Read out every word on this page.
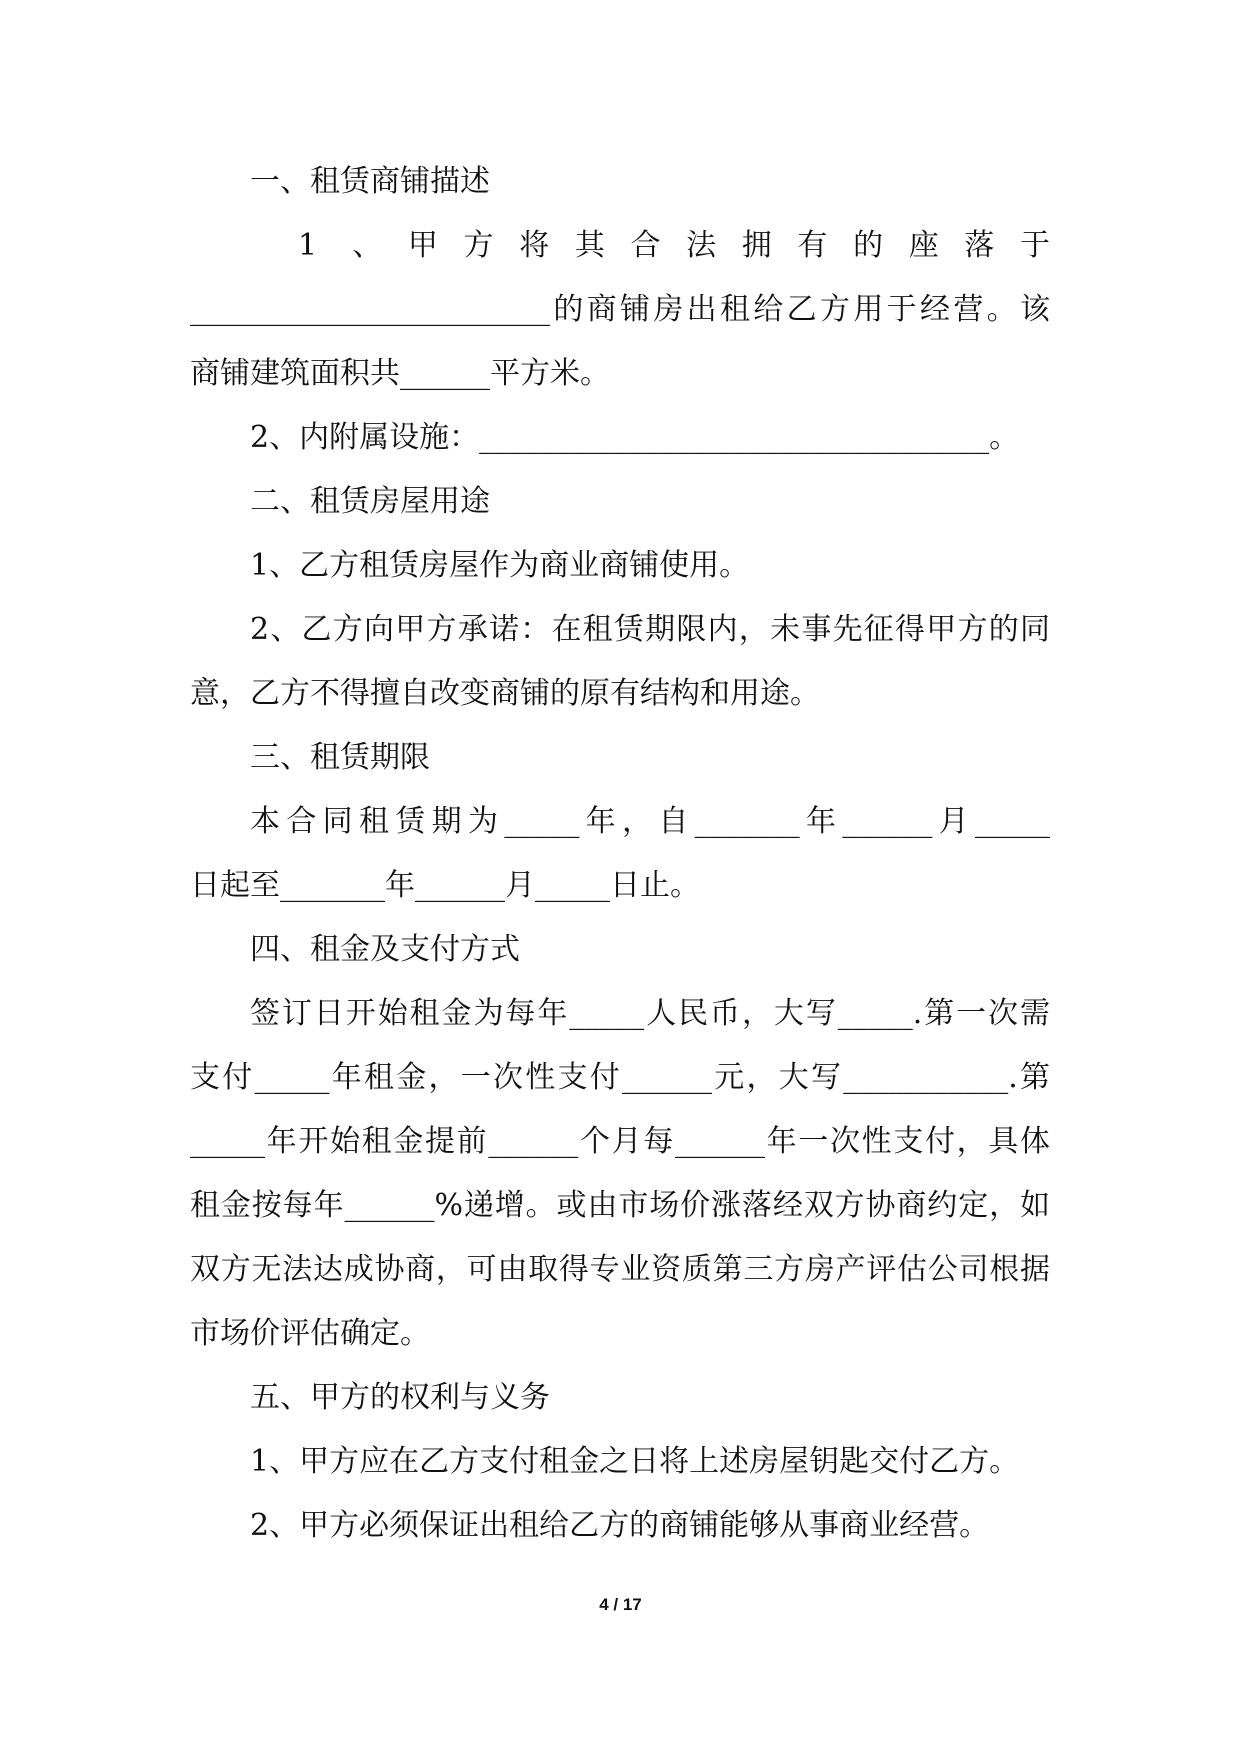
一、租赁商铺描述
1 、甲方将其合法拥有的座落于
________________________的商铺房出租给乙方用于经营。该
商铺建筑面积共______平方米。
2、内附属设施：__________________________________。
二、租赁房屋用途
1、乙方租赁房屋作为商业商铺使用。
2、乙方向甲方承诺：在租赁期限内，未事先征得甲方的同
意，乙方不得擅自改变商铺的原有结构和用途。
三、租赁期限
本合同租赁期为_____年，自_______年______月_____
日起至_______年______月_____日止。
四、租金及支付方式
签订日开始租金为每年_____人民币，大写_____.第一次需
支付_____年租金，一次性支付______元，大写___________.第
_____年开始租金提前______个月每______年一次性支付，具体
租金按每年______%递增。或由市场价涨落经双方协商约定，如
双方无法达成协商，可由取得专业资质第三方房产评估公司根据
市场价评估确定。
五、甲方的权利与义务
1、甲方应在乙方支付租金之日将上述房屋钥匙交付乙方。
2、甲方必须保证出租给乙方的商铺能够从事商业经营。
4 / 17
